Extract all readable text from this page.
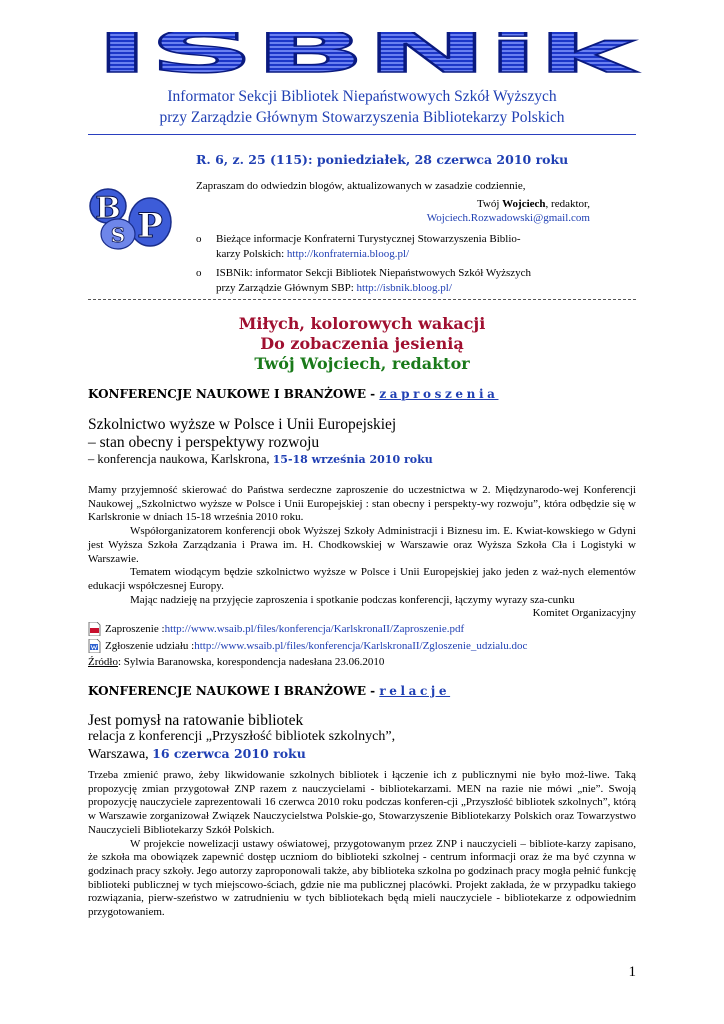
ISBNik
Informator Sekcji Bibliotek Niepaństwowych Szkół Wyższych
przy Zarządzie Głównym Stowarzyszenia Bibliotekarzy Polskich
B
S P
R. 6, z. 25 (115): poniedziałek, 28 czerwca 2010 roku
Zapraszam do odwiedzin blogów, aktualizowanych w zasadzie codziennie,
Twój Wojciech, redaktor,
Wojciech.Rozwadowski@gmail.com
o Bieżące informacje Konfraterni Turystycznej Stowarzyszenia Biblio-
karzy Polskich: http://konfraternia.bloog.pl/
o ISBNik: informator Sekcji Bibliotek Niepaństwowych Szkół Wyższych
przy Zarządzie Głównym SBP: http://isbnik.bloog.pl/
Miłych, kolorowych wakacji
Do zobaczenia jesienią
Twój Wojciech, redaktor
KONFERENCJE NAUKOWE I BRANŻOWE - zaproszenia
Szkolnictwo wyższe w Polsce i Unii Europejskiej
– stan obecny i perspektywy rozwoju
– konferencja naukowa, Karlskrona, 15-18 września 2010 roku

Mamy przyjemność skierować do Państwa serdeczne zaproszenie do uczestnictwa w 2. Międzynarodo-wej Konferencji Naukowej „Szkolnictwo wyższe w Polsce i Unii Europejskiej : stan obecny i perspekty-wy rozwoju”, która odbędzie się w Karlskronie w dniach 15-18 września 2010 roku.

Współorganizatorem konferencji obok Wyższej Szkoły Administracji i Biznesu im. E. Kwiat-kowskiego w Gdyni jest Wyższa Szkoła Zarządzania i Prawa im. H. Chodkowskiej w Warszawie oraz Wyższa Szkoła Cła i Logistyki w Warszawie.

Tematem wiodącym będzie szkolnictwo wyższe w Polsce i Unii Europejskiej jako jeden z waż-nych elementów edukacji współczesnej Europy.

Mając nadzieję na przyjęcie zaproszenia i spotkanie podczas konferencji, łączymy wyrazy sza-cunku

Komitet Organizacyjny
Zaproszenie : http://www.wsaib.pl/files/konferencja/KarlskronaII/Zaproszenie.pdf
Zgłoszenie udziału : http://www.wsaib.pl/files/konferencja/KarlskronaII/Zgloszenie_udzialu.doc
Źródło: Sylwia Baranowska, korespondencja nadesłana 23.06.2010
KONFERENCJE NAUKOWE I BRANŻOWE - relacje
Jest pomysł na ratowanie bibliotek
relacja z konferencji „Przyszłość bibliotek szkolnych”,
Warszawa, 16 czerwca 2010 roku

Trzeba zmienić prawo, żeby likwidowanie szkolnych bibliotek i łączenie ich z publicznymi nie było moż-liwe. Taką propozycję zmian przygotował ZNP razem z nauczycielami - bibliotekarzami. MEN na razie nie mówi „nie”. Swoją propozycję nauczyciele zaprezentowali 16 czerwca 2010 roku podczas konferen-cji „Przyszłość bibliotek szkolnych”, którą w Warszawie zorganizował Związek Nauczycielstwa Polskie-go, Stowarzyszenie Bibliotekarzy Polskich oraz Towarzystwo Nauczycieli Bibliotekarzy Szkół Polskich.

W projekcie nowelizacji ustawy oświatowej, przygotowanym przez ZNP i nauczycieli – bibliote-karzy zapisano, że szkoła ma obowiązek zapewnić dostęp uczniom do biblioteki szkolnej - centrum informacji oraz że ma być czynna w godzinach pracy szkoły. Jego autorzy zaproponowali także, aby biblioteka szkolna po godzinach pracy mogła pełnić funkcję biblioteki publicznej w tych miejscowo-ściach, gdzie nie ma publicznej placówki. Projekt zakłada, że w przypadku takiego rozwiązania, pierw-szeństwo w zatrudnieniu w tych bibliotekach będą mieli nauczyciele - bibliotekarze z odpowiednim przygotowaniem.

1
